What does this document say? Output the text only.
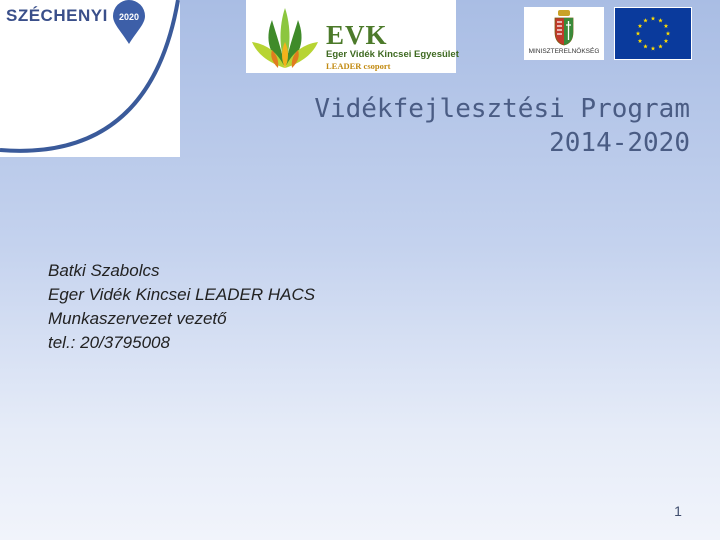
SZÉCHENYI 2020
EVK
Eger Vidék Kincsei Egyesület
LEADER csoport
MINISZTERELNÖKSÉG
Vidékfejlesztési Program
2014-2020
Batki Szabolcs
Eger Vidék Kincsei LEADER HACS
Munkaszervezet vezető
tel.: 20/3795008
1
